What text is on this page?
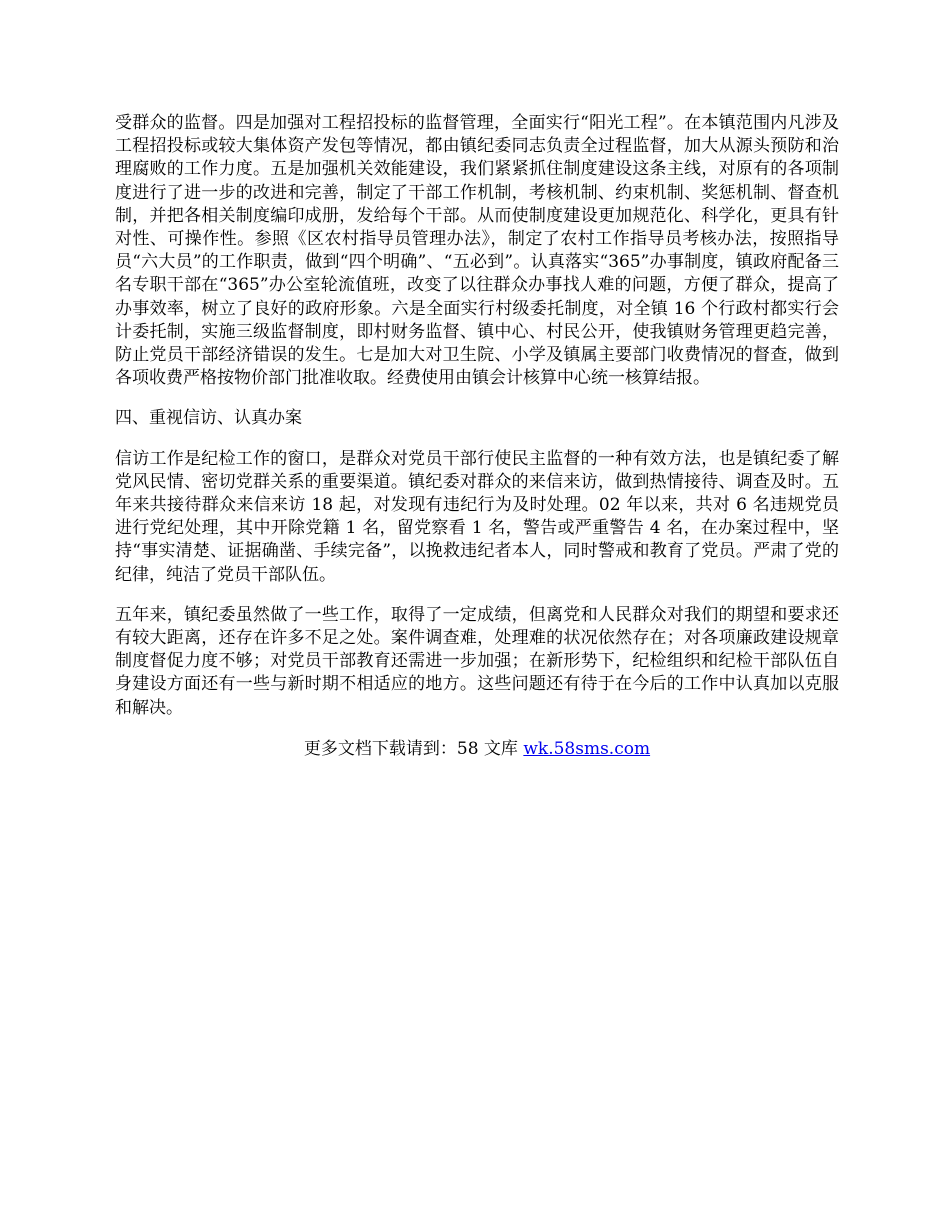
受群众的监督。四是加强对工程招投标的监督管理，全面实行“阳光工程”。在本镇范围内凡涉及工程招投标或较大集体资产发包等情况，都由镇纪委同志负责全过程监督，加大从源头预防和治理腐败的工作力度。五是加强机关效能建设，我们紧紧抓住制度建设这条主线，对原有的各项制度进行了进一步的改进和完善，制定了干部工作机制，考核机制、约束机制、奖惩机制、督查机制，并把各相关制度编印成册，发给每个干部。从而使制度建设更加规范化、科学化，更具有针对性、可操作性。参照《区农村指导员管理办法》，制定了农村工作指导员考核办法，按照指导员“六大员”的工作职责，做到“四个明确”、“五必到”。认真落实“365”办事制度，镇政府配备三名专职干部在“365”办公室轮流值班，改变了以往群众办事找人难的问题，方便了群众，提高了办事效率，树立了良好的政府形象。六是全面实行村级委托制度，对全镇 16 个行政村都实行会计委托制，实施三级监督制度，即村财务监督、镇中心、村民公开，使我镇财务管理更趋完善，防止党员干部经济错误的发生。七是加大对卫生院、小学及镇属主要部门收费情况的督查，做到各项收费严格按物价部门批准收取。经费使用由镇会计核算中心统一核算结报。

四、重视信访、认真办案

信访工作是纪检工作的窗口，是群众对党员干部行使民主监督的一种有效方法，也是镇纪委了解党风民情、密切党群关系的重要渠道。镇纪委对群众的来信来访，做到热情接待、调查及时。五年来共接待群众来信来访 18 起，对发现有违纪行为及时处理。02 年以来，共对 6 名违规党员进行党纪处理，其中开除党籍 1 名，留党察看 1 名，警告或严重警告 4 名，在办案过程中，坚持“事实清楚、证据确凿、手续完备”，以挽救违纪者本人，同时警戒和教育了党员。严肃了党的纪律，纯洁了党员干部队伍。

五年来，镇纪委虽然做了一些工作，取得了一定成绩，但离党和人民群众对我们的期望和要求还有较大距离，还存在许多不足之处。案件调查难，处理难的状况依然存在；对各项廉政建设规章制度督促力度不够；对党员干部教育还需进一步加强；在新形势下，纪检组织和纪检干部队伍自身建设方面还有一些与新时期不相适应的地方。这些问题还有待于在今后的工作中认真加以克服和解决。

更多文档下载请到：58 文库 wk.58sms.com
